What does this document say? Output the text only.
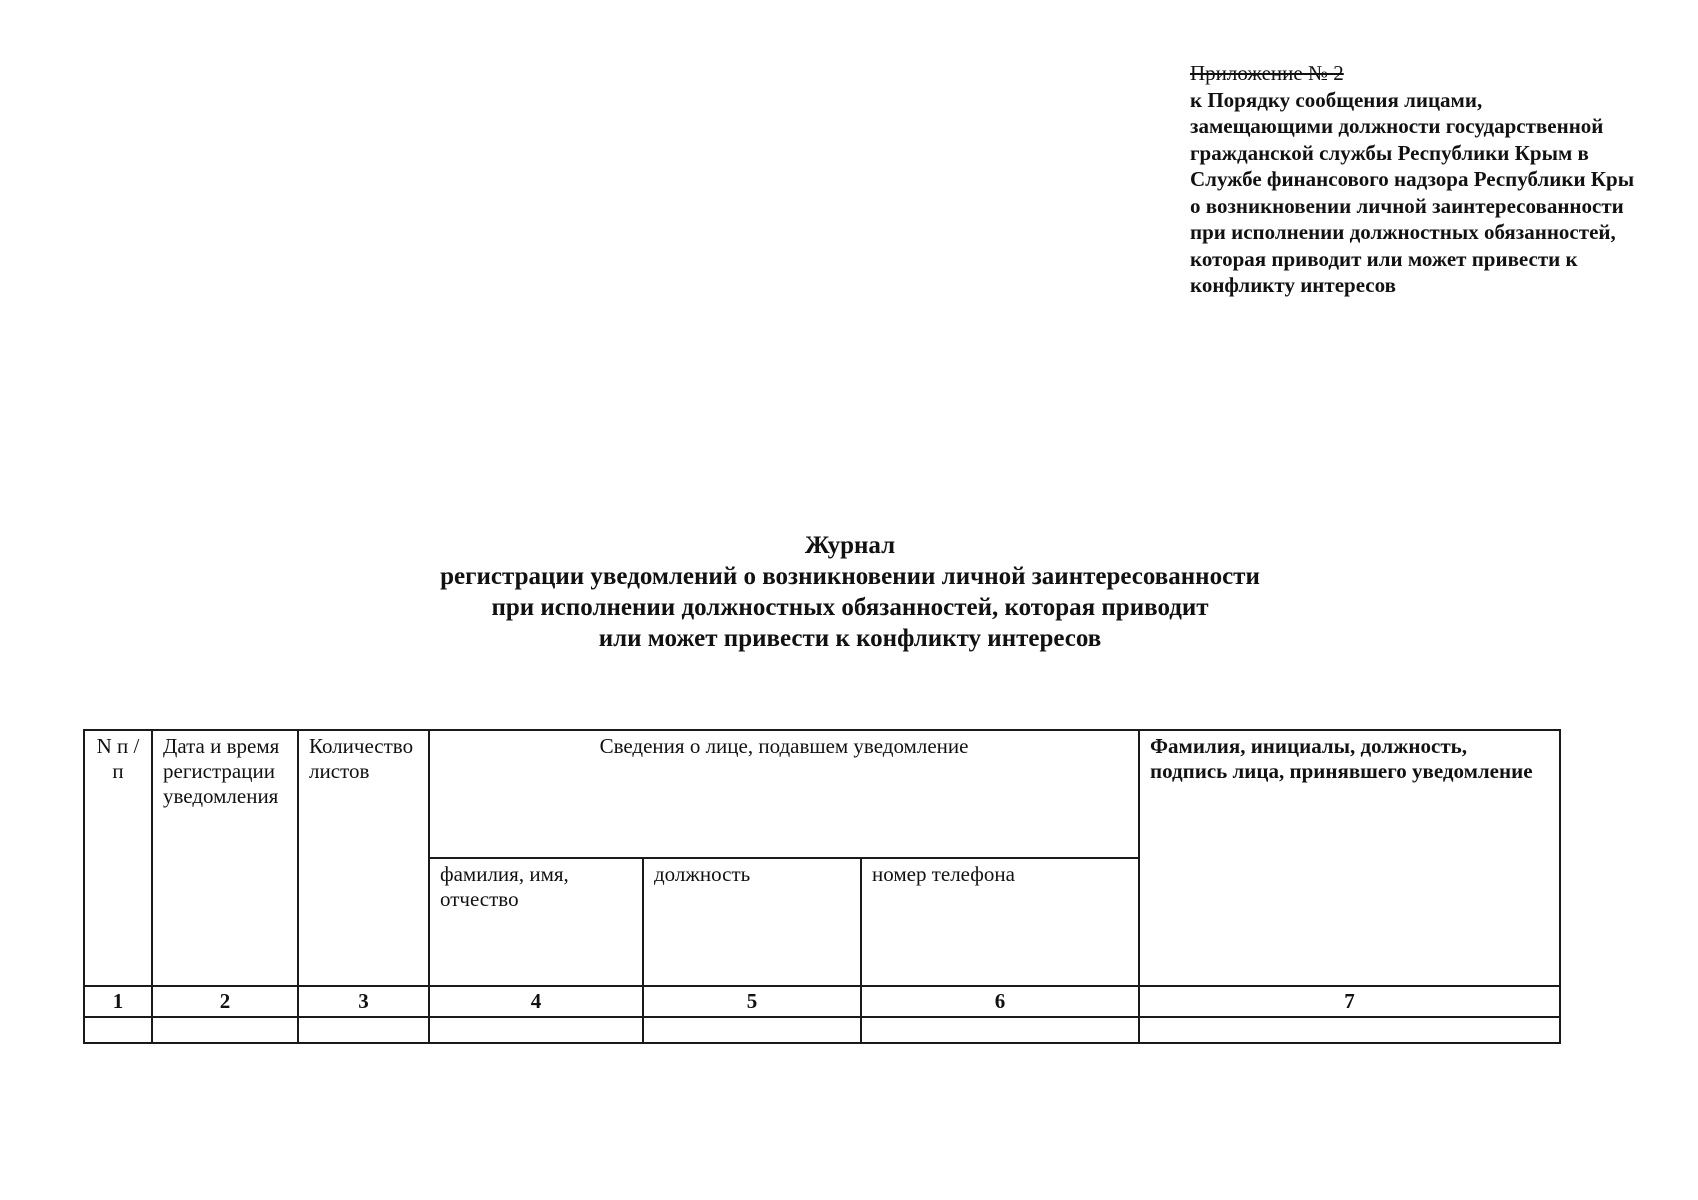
Приложение № 2
к Порядку сообщения лицами,
замещающими должности государственной
гражданской службы Республики Крым в
Службе финансового надзора Республики Кры
о возникновении личной заинтересованности
при исполнении должностных обязанностей,
которая приводит или может привести к
конфликту интересов
Журнал
регистрации уведомлений о возникновении личной заинтересованности
при исполнении должностных обязанностей, которая приводит
или может привести к конфликту интересов
N п / п	Дата и время регистрации уведомления	Количество листов	Сведения о лице, подавшем уведомление			Фамилия, инициалы, должность, подпись лица, принявшего уведомление
			фамилия, имя, отчество	должность	номер телефона	
1	2	3	4	5	6	7
